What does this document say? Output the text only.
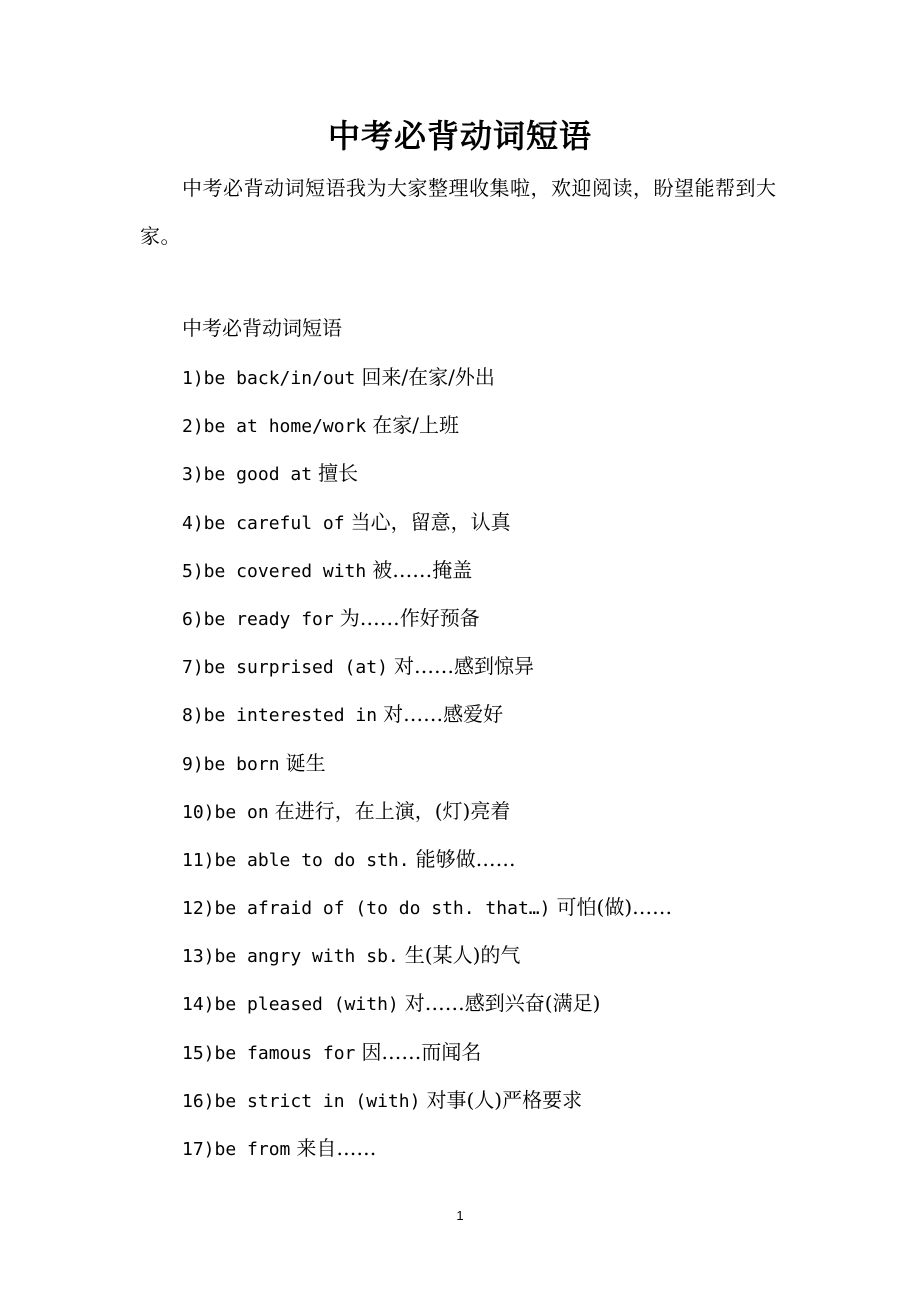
中考必背动词短语

中考必背动词短语我为大家整理收集啦，欢迎阅读，盼望能帮到大家。

中考必背动词短语
1)be back/in/out 回来/在家/外出
2)be at home/work 在家/上班
3)be good at 擅长
4)be careful of 当心，留意，认真
5)be covered with 被……掩盖
6)be ready for 为……作好预备
7)be surprised (at) 对……感到惊异
8)be interested in 对……感爱好
9)be born 诞生
10)be on 在进行，在上演，(灯)亮着
11)be able to do sth. 能够做……
12)be afraid of (to do sth. that…) 可怕(做)……
13)be angry with sb. 生(某人)的气
14)be pleased (with) 对……感到兴奋(满足)
15)be famous for 因……而闻名
16)be strict in (with) 对事(人)严格要求
17)be from 来自……
1
